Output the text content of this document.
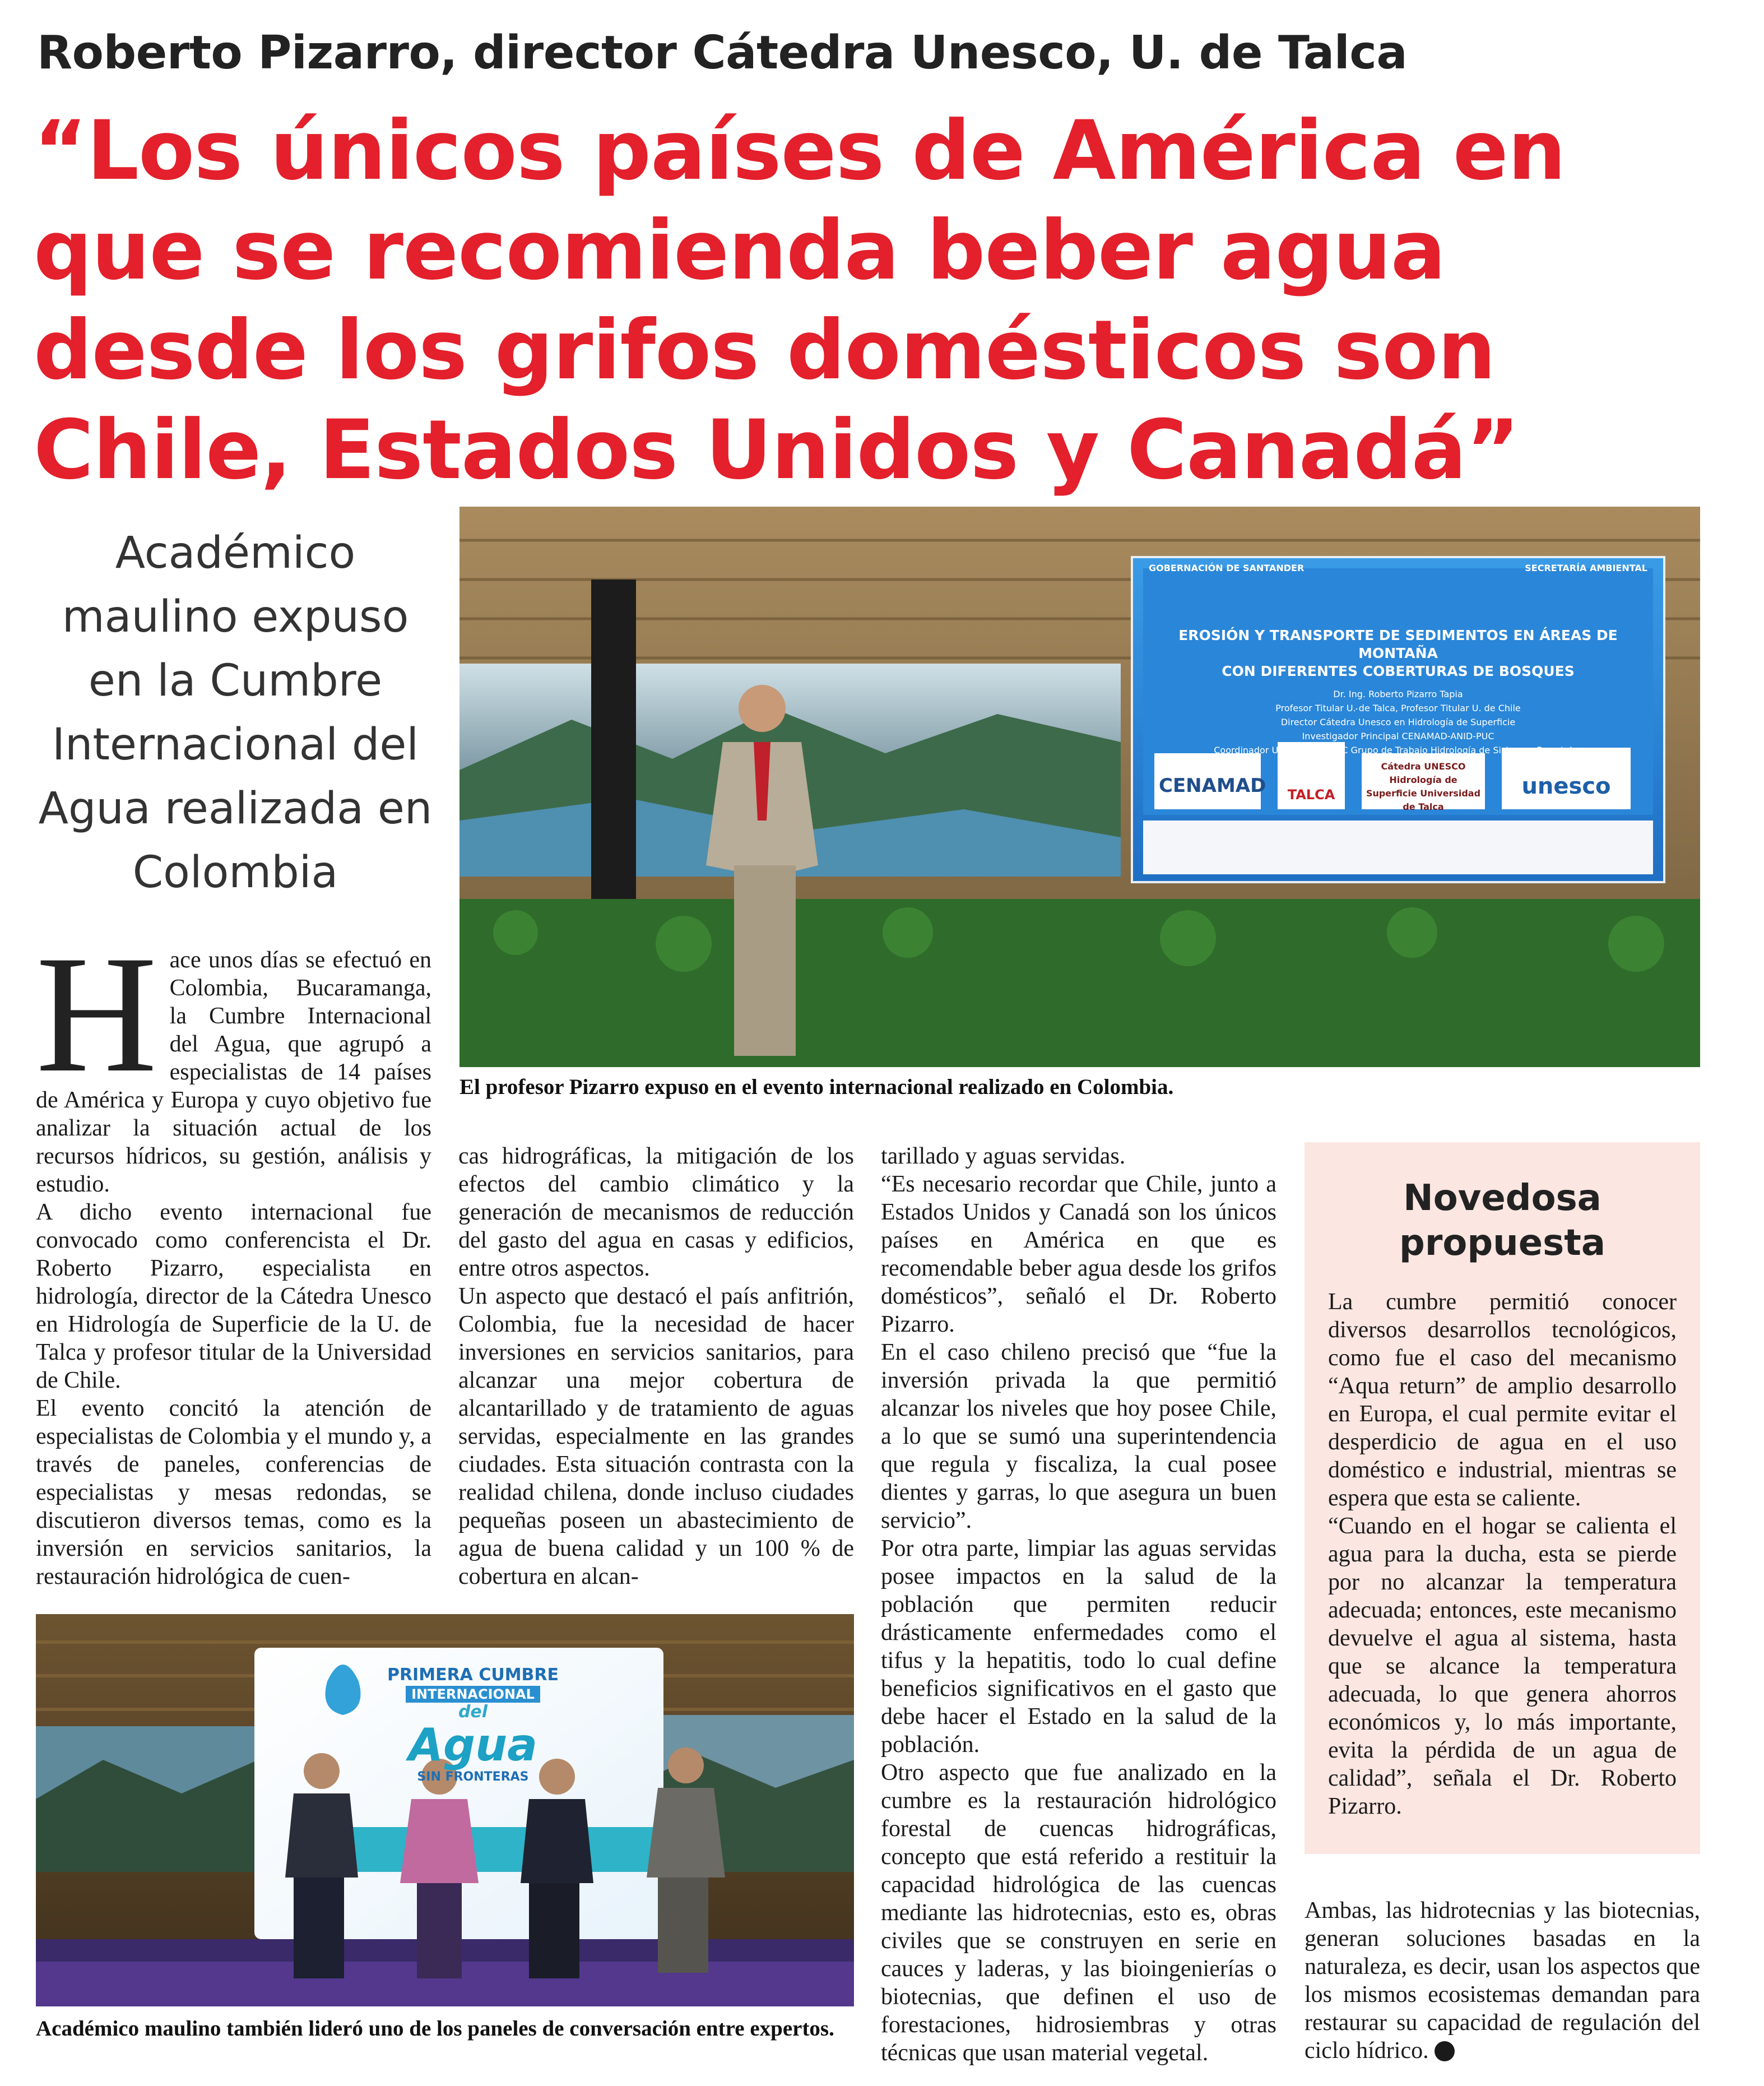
Roberto Pizarro, director Cátedra Unesco, U. de Talca
“Los únicos países de América en
que se recomienda beber agua
desde los grifos domésticos son
Chile, Estados Unidos y Canadá”
Académico maulino expuso en la Cumbre Internacional del Agua realizada en Colombia
GOBERNACIÓN DE SANTANDER	SECRETARÍA AMBIENTAL
EROSIÓN Y TRANSPORTE DE SEDIMENTOS EN ÁREAS DE MONTAÑA
CON DIFERENTES COBERTURAS DE BOSQUES
Dr. Ing. Roberto Pizarro Tapia
Profesor Titular U. de Talca, Profesor Titular U. de Chile
Director Cátedra Unesco en Hidrología de Superficie
Investigador Principal CENAMAD-ANID-PUC
Coordinador UNESCO/PHI/LAC Grupo de Trabajo Hidrología de Sistemas Forestales
CENAMAD	TALCA
Cátedra UNESCO Hidrología de Superficie Universidad de Talca
unesco
El profesor Pizarro expuso en el evento internacional realizado en Colombia.
H ace unos días se efectuó en Colombia, Bucaramanga, la Cumbre Internacional del Agua, que agrupó a especialistas de 14 países de América y Europa y cuyo objetivo fue analizar la situación actual de los recursos hídricos, su gestión, análisis y estudio.

A dicho evento internacional fue convocado como conferencista el Dr. Roberto Pizarro, especialista en hidrología, director de la Cátedra Unesco en Hidrología de Superficie de la U. de Talca y profesor titular de la Universidad de Chile.

El evento concitó la atención de especialistas de Colombia y el mundo y, a través de paneles, conferencias de especialistas y mesas redondas, se discutieron diversos temas, como es la inversión en servicios sanitarios, la restauración hidrológica de cuen-

cas hidrográficas, la mitigación de los efectos del cambio climático y la generación de mecanismos de reducción del gasto del agua en casas y edificios, entre otros aspectos.

Un aspecto que destacó el país anfitrión, Colombia, fue la necesidad de hacer inversiones en servicios sanitarios, para alcanzar una mejor cobertura de alcantarillado y de tratamiento de aguas servidas, especialmente en las grandes ciudades. Esta situación contrasta con la realidad chilena, donde incluso ciudades pequeñas poseen un abastecimiento de agua de buena calidad y un 100 % de cobertura en alcan-

tarillado y aguas servidas.

“Es necesario recordar que Chile, junto a Estados Unidos y Canadá son los únicos países en América en que es recomendable beber agua desde los grifos domésticos”, señaló el Dr. Roberto Pizarro.

En el caso chileno precisó que “fue la inversión privada la que permitió alcanzar los niveles que hoy posee Chile, a lo que se sumó una superintendencia que regula y fiscaliza, la cual posee dientes y garras, lo que asegura un buen servicio”.

Por otra parte, limpiar las aguas servidas posee impactos en la salud de la población que permiten reducir drásticamente enfermedades como el tifus y la hepatitis, todo lo cual define beneficios significativos en el gasto que debe hacer el Estado en la salud de la población.

Otro aspecto que fue analizado en la cumbre es la restauración hidrológico forestal de cuencas hidrográficas, concepto que está referido a restituir la capacidad hidrológica de las cuencas mediante las hidrotecnias, esto es, obras civiles que se construyen en serie en cauces y laderas, y las bioingenierías o biotecnias, que definen el uso de forestaciones, hidrosiembras y otras técnicas que usan material vegetal.

PRIMERA CUMBRE
INTERNACIONAL
del
Agua
SIN FRONTERAS
Académico maulino también lideró uno de los paneles de conversación entre expertos.
Novedosa propuesta

La cumbre permitió conocer diversos desarrollos tecnológicos, como fue el caso del mecanismo “Aqua return” de amplio desarrollo en Europa, el cual permite evitar el desperdicio de agua en el uso doméstico e industrial, mientras se espera que esta se caliente.

“Cuando en el hogar se calienta el agua para la ducha, esta se pierde por no alcanzar la temperatura adecuada; entonces, este mecanismo devuelve el agua al sistema, hasta que se alcance la temperatura adecuada, lo que genera ahorros económicos y, lo más importante, evita la pérdida de un agua de calidad”, señala el Dr. Roberto Pizarro.

Ambas, las hidrotecnias y las biotecnias, generan soluciones basadas en la naturaleza, es decir, usan los aspectos que los mismos ecosistemas demandan para restaurar su capacidad de regulación del ciclo hídrico.
